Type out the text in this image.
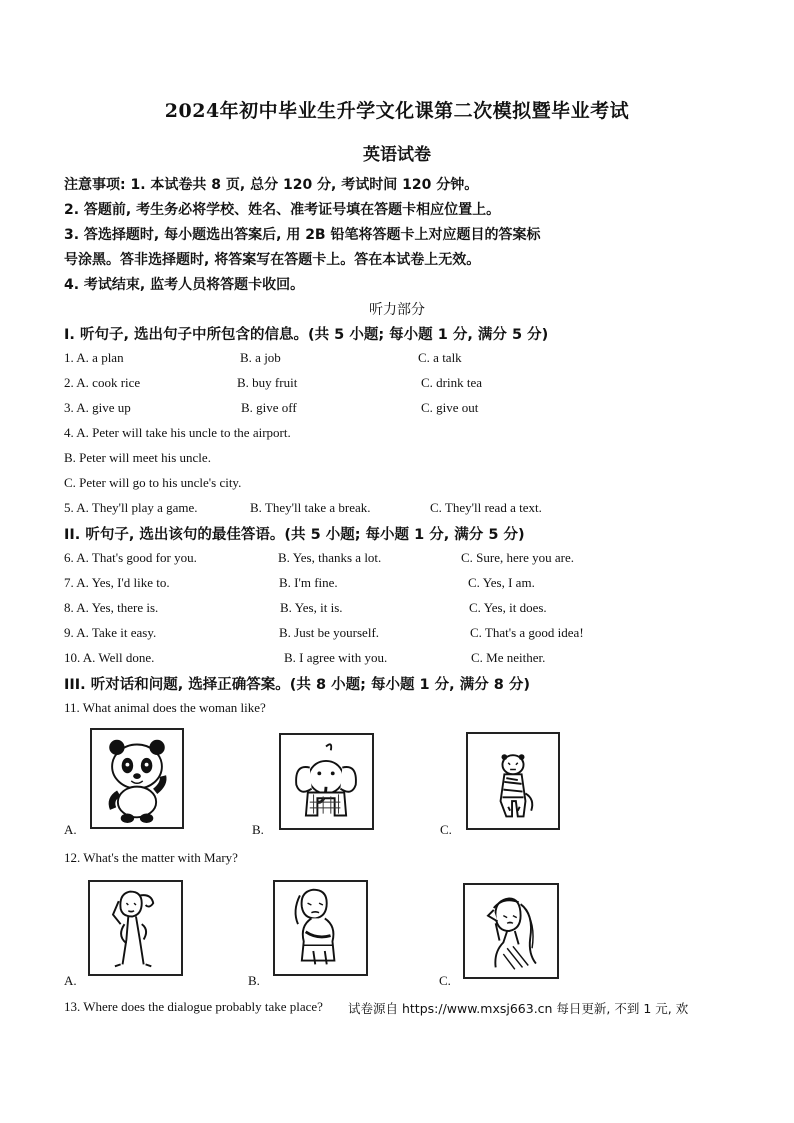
2024年初中毕业生升学文化课第二次模拟暨毕业考试
英语试卷
注意事项: 1. 本试卷共 8 页, 总分 120 分, 考试时间 120 分钟。
2. 答题前, 考生务必将学校、姓名、准考证号填在答题卡相应位置上。
3. 答选择题时, 每小题选出答案后, 用 2B 铅笔将答题卡上对应题目的答案标
号涂黑。答非选择题时, 将答案写在答题卡上。答在本试卷上无效。
4. 考试结束, 监考人员将答题卡收回。
听力部分
I. 听句子, 选出句子中所包含的信息。(共 5 小题; 每小题 1 分, 满分 5 分)
1. A. a plan	B. a job	C. a talk
2. A. cook rice	B. buy fruit	C. drink tea
3. A. give up	B. give off	C. give out
4. A. Peter will take his uncle to the airport.
B. Peter will meet his uncle.
C. Peter will go to his uncle's city.
5. A. They'll play a game.	B. They'll take a break.	C. They'll read a text.
II. 听句子, 选出该句的最佳答语。(共 5 小题; 每小题 1 分, 满分 5 分)
6. A. That's good for you.	B. Yes, thanks a lot.	C. Sure, here you are.
7. A. Yes, I'd like to.	B. I'm fine.	C. Yes, I am.
8. A. Yes, there is.	B. Yes, it is.	C. Yes, it does.
9. A. Take it easy.	B. Just be yourself.	C. That's a good idea!
10. A. Well done.	B. I agree with you.	C. Me neither.
III. 听对话和问题, 选择正确答案。(共 8 小题; 每小题 1 分, 满分 8 分)
11. What animal does the woman like?
A.	B.	C.
12. What's the matter with Mary?
A.	B.	C.
13. Where does the dialogue probably take place? 试卷源自 https://www.mxsj663.cn 每日更新, 不到 1 元, 欢
